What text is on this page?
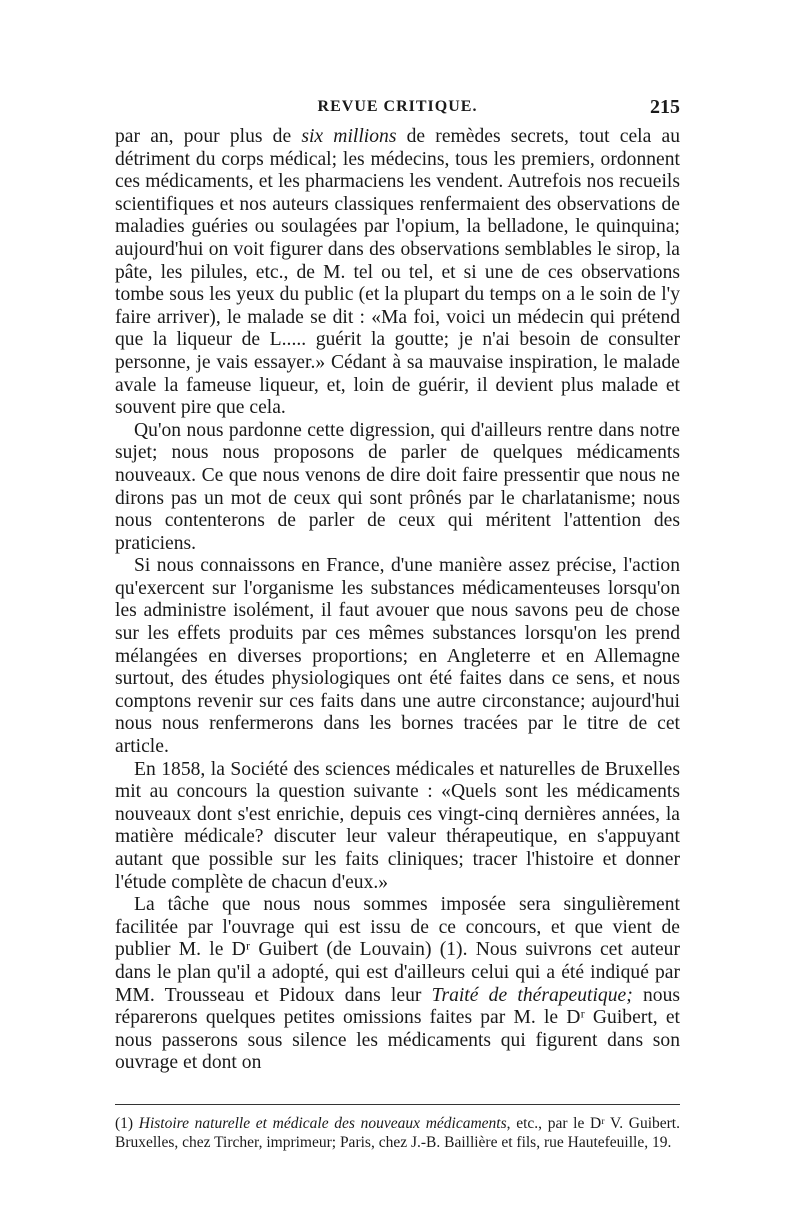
REVUE CRITIQUE.	215

par an, pour plus de six millions de remèdes secrets, tout cela au détriment du corps médical; les médecins, tous les premiers, ordonnent ces médicaments, et les pharmaciens les vendent. Autrefois nos recueils scientifiques et nos auteurs classiques renfermaient des observations de maladies guéries ou soulagées par l'opium, la belladone, le quinquina; aujourd'hui on voit figurer dans des observations semblables le sirop, la pâte, les pilules, etc., de M. tel ou tel, et si une de ces observations tombe sous les yeux du public (et la plupart du temps on a le soin de l'y faire arriver), le malade se dit : «Ma foi, voici un médecin qui prétend que la liqueur de L..... guérit la goutte; je n'ai besoin de consulter personne, je vais essayer.» Cédant à sa mauvaise inspiration, le malade avale la fameuse liqueur, et, loin de guérir, il devient plus malade et souvent pire que cela.

Qu'on nous pardonne cette digression, qui d'ailleurs rentre dans notre sujet; nous nous proposons de parler de quelques médicaments nouveaux. Ce que nous venons de dire doit faire pressentir que nous ne dirons pas un mot de ceux qui sont prônés par le charlatanisme; nous nous contenterons de parler de ceux qui méritent l'attention des praticiens.

Si nous connaissons en France, d'une manière assez précise, l'action qu'exercent sur l'organisme les substances médicamenteuses lorsqu'on les administre isolément, il faut avouer que nous savons peu de chose sur les effets produits par ces mêmes substances lorsqu'on les prend mélangées en diverses proportions; en Angleterre et en Allemagne surtout, des études physiologiques ont été faites dans ce sens, et nous comptons revenir sur ces faits dans une autre circonstance; aujourd'hui nous nous renfermerons dans les bornes tracées par le titre de cet article.

En 1858, la Société des sciences médicales et naturelles de Bruxelles mit au concours la question suivante : «Quels sont les médicaments nouveaux dont s'est enrichie, depuis ces vingt-cinq dernières années, la matière médicale? discuter leur valeur thérapeutique, en s'appuyant autant que possible sur les faits cliniques; tracer l'histoire et donner l'étude complète de chacun d'eux.»

La tâche que nous nous sommes imposée sera singulièrement facilitée par l'ouvrage qui est issu de ce concours, et que vient de publier M. le Dʳ Guibert (de Louvain) (1). Nous suivrons cet auteur dans le plan qu'il a adopté, qui est d'ailleurs celui qui a été indiqué par MM. Trousseau et Pidoux dans leur Traité de thérapeutique; nous réparerons quelques petites omissions faites par M. le Dʳ Guibert, et nous passerons sous silence les médicaments qui figurent dans son ouvrage et dont on

(1) Histoire naturelle et médicale des nouveaux médicaments, etc., par le Dʳ V. Guibert. Bruxelles, chez Tircher, imprimeur; Paris, chez J.-B. Baillière et fils, rue Hautefeuille, 19.
